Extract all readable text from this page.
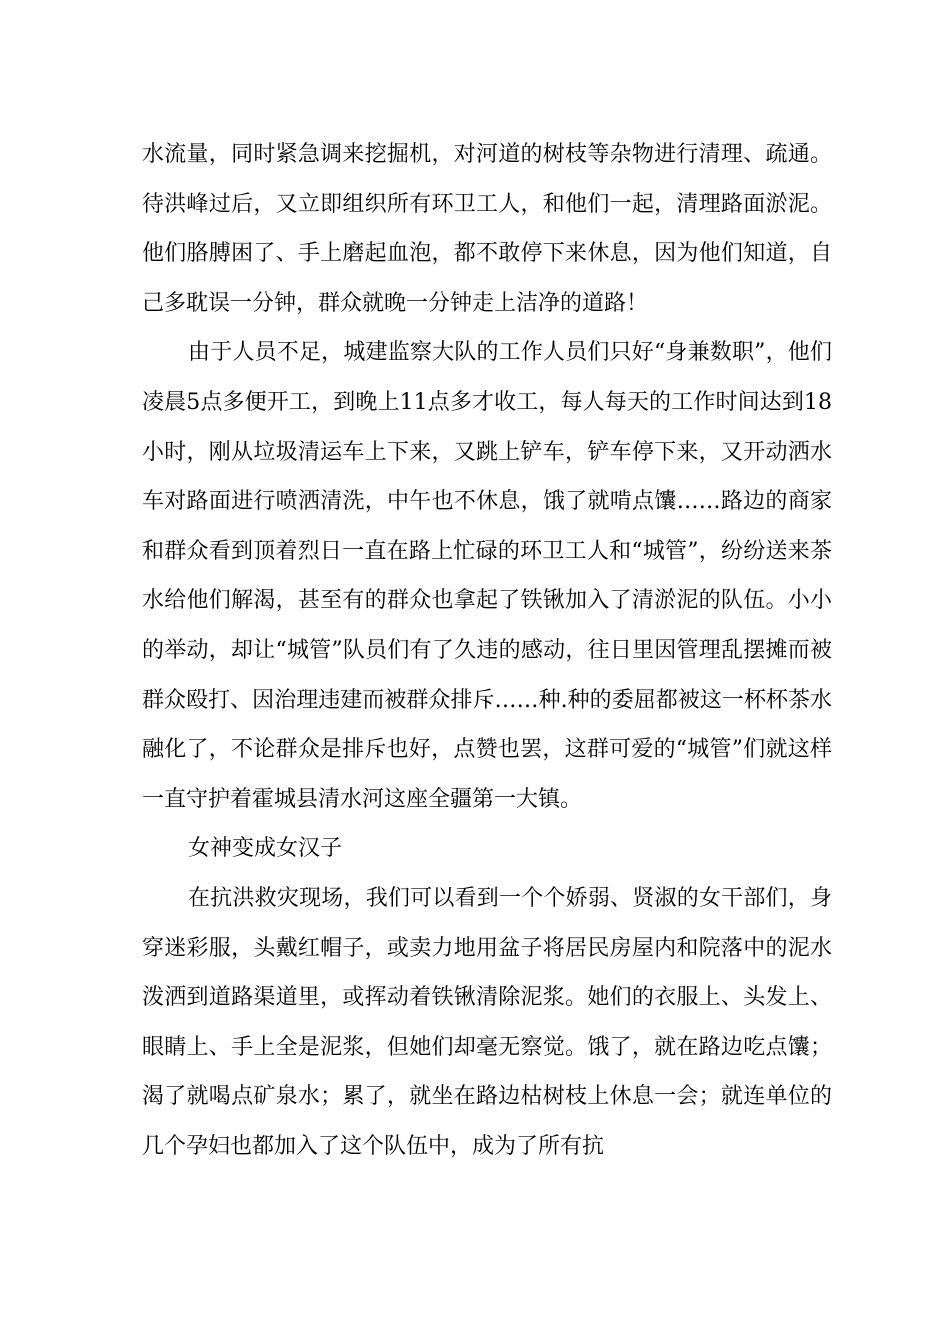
水流量，同时紧急调来挖掘机，对河道的树枝等杂物进行清理、疏通。待洪峰过后，又立即组织所有环卫工人，和他们一起，清理路面淤泥。他们胳膊困了、手上磨起血泡，都不敢停下来休息，因为他们知道，自己多耽误一分钟，群众就晚一分钟走上洁净的道路！

由于人员不足，城建监察大队的工作人员们只好“身兼数职”，他们凌晨5点多便开工，到晚上11点多才收工，每人每天的工作时间达到18小时，刚从垃圾清运车上下来，又跳上铲车，铲车停下来，又开动洒水车对路面进行喷洒清洗，中午也不休息，饿了就啃点馕……路边的商家和群众看到顶着烈日一直在路上忙碌的环卫工人和“城管”，纷纷送来茶水给他们解渴，甚至有的群众也拿起了铁锹加入了清淤泥的队伍。小小的举动，却让“城管”队员们有了久违的感动，往日里因管理乱摆摊而被群众殴打、因治理违建而被群众排斥……种.种的委屈都被这一杯杯茶水融化了，不论群众是排斥也好，点赞也罢，这群可爱的“城管”们就这样一直守护着霍城县清水河这座全疆第一大镇。

女神变成女汉子

在抗洪救灾现场，我们可以看到一个个娇弱、贤淑的女干部们，身穿迷彩服，头戴红帽子，或卖力地用盆子将居民房屋内和院落中的泥水泼洒到道路渠道里，或挥动着铁锹清除泥浆。她们的衣服上、头发上、眼睛上、手上全是泥浆，但她们却毫无察觉。饿了，就在路边吃点馕；渴了就喝点矿泉水；累了，就坐在路边枯树枝上休息一会；就连单位的几个孕妇也都加入了这个队伍中，成为了所有抗
